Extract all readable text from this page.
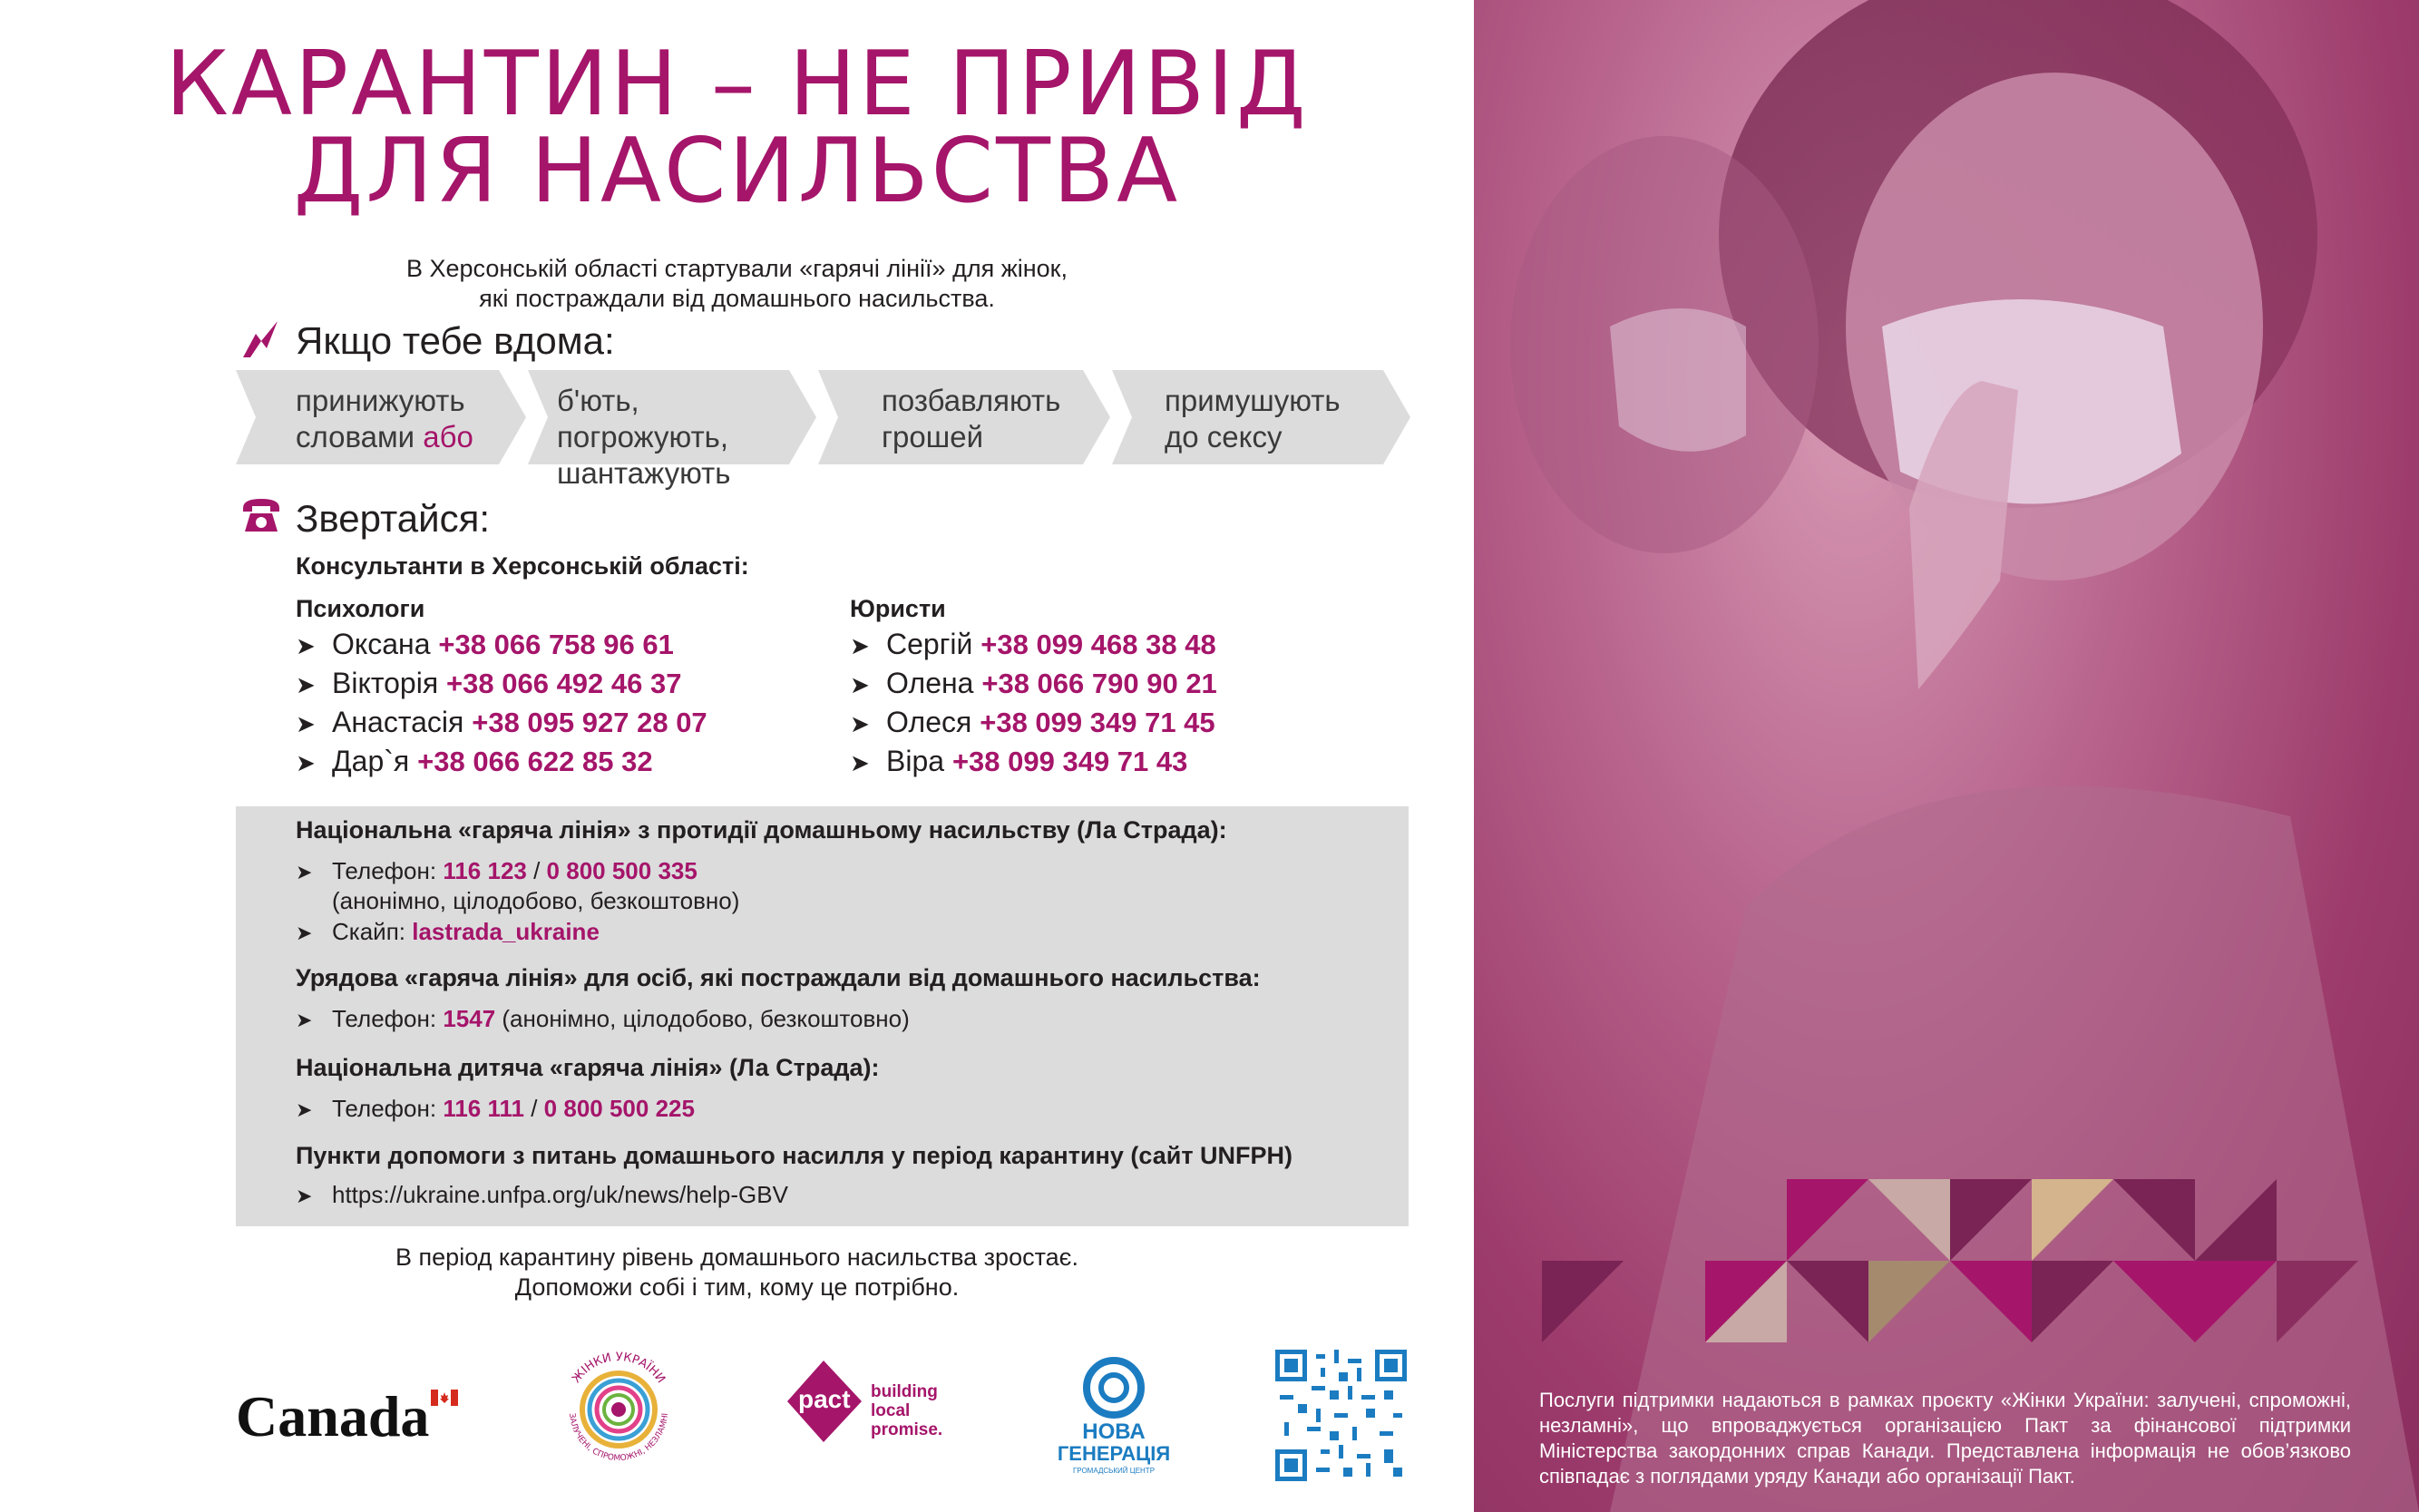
КАРАНТИН – НЕ ПРИВІД
ДЛЯ НАСИЛЬСТВА
В Херсонській області стартували «гарячі лінії» для жінок,
які постраждали від домашнього насильства.
Якщо тебе вдома:
принижують
словами або
б'ють, погрожують,
шантажують
позбавляють
грошей
примушують
до сексу
Звертайся:
Консультанти в Херсонській області:
Психологи
➤ Оксана +38 066 758 96 61
➤ Вікторія +38 066 492 46 37
➤ Анастасія +38 095 927 28 07
➤ Дар`я +38 066 622 85 32
Юристи
➤ Сергій +38 099 468 38 48
➤ Олена +38 066 790 90 21
➤ Олеся +38 099 349 71 45
➤ Віра +38 099 349 71 43
Національна «гаряча лінія» з протидії домашньому насильству (Ла Страда):
➤ Телефон: 116 123 / 0 800 500 335
(анонімно, цілодобово, безкоштовно)
➤ Скайп: lastrada_ukraine
Урядова «гаряча лінія» для осіб, які постраждали від домашнього насильства:
➤ Телефон: 1547 (анонімно, цілодобово, безкоштовно)
Національна дитяча «гаряча лінія» (Ла Страда):
➤ Телефон: 116 111 / 0 800 500 225
Пункти допомоги з питань домашнього насилля у період карантину (сайт UNFPH)
➤ https://ukraine.unfpa.org/uk/news/help-GBV
В період карантину рівень домашнього насильства зростає.
Допоможи собі і тим, кому це потрібно.
Canada
ЖІНКИ УКРАЇНИ
ЗАЛУЧЕНІ, СПРОМОЖНІ, НЕЗЛАМНІ
pact building
local
promise.	НОВА
ГЕНЕРАЦІЯ
ГРОМАДСЬКИЙ ЦЕНТР
Послуги підтримки надаються в рамках проєкту «Жінки України: залучені, спроможні, незламні», що впроваджується організацією Пакт за фінансової підтримки Міністерства закордонних справ Канади. Представлена інформація не обов’язково співпадає з поглядами уряду Канади або організації Пакт.
